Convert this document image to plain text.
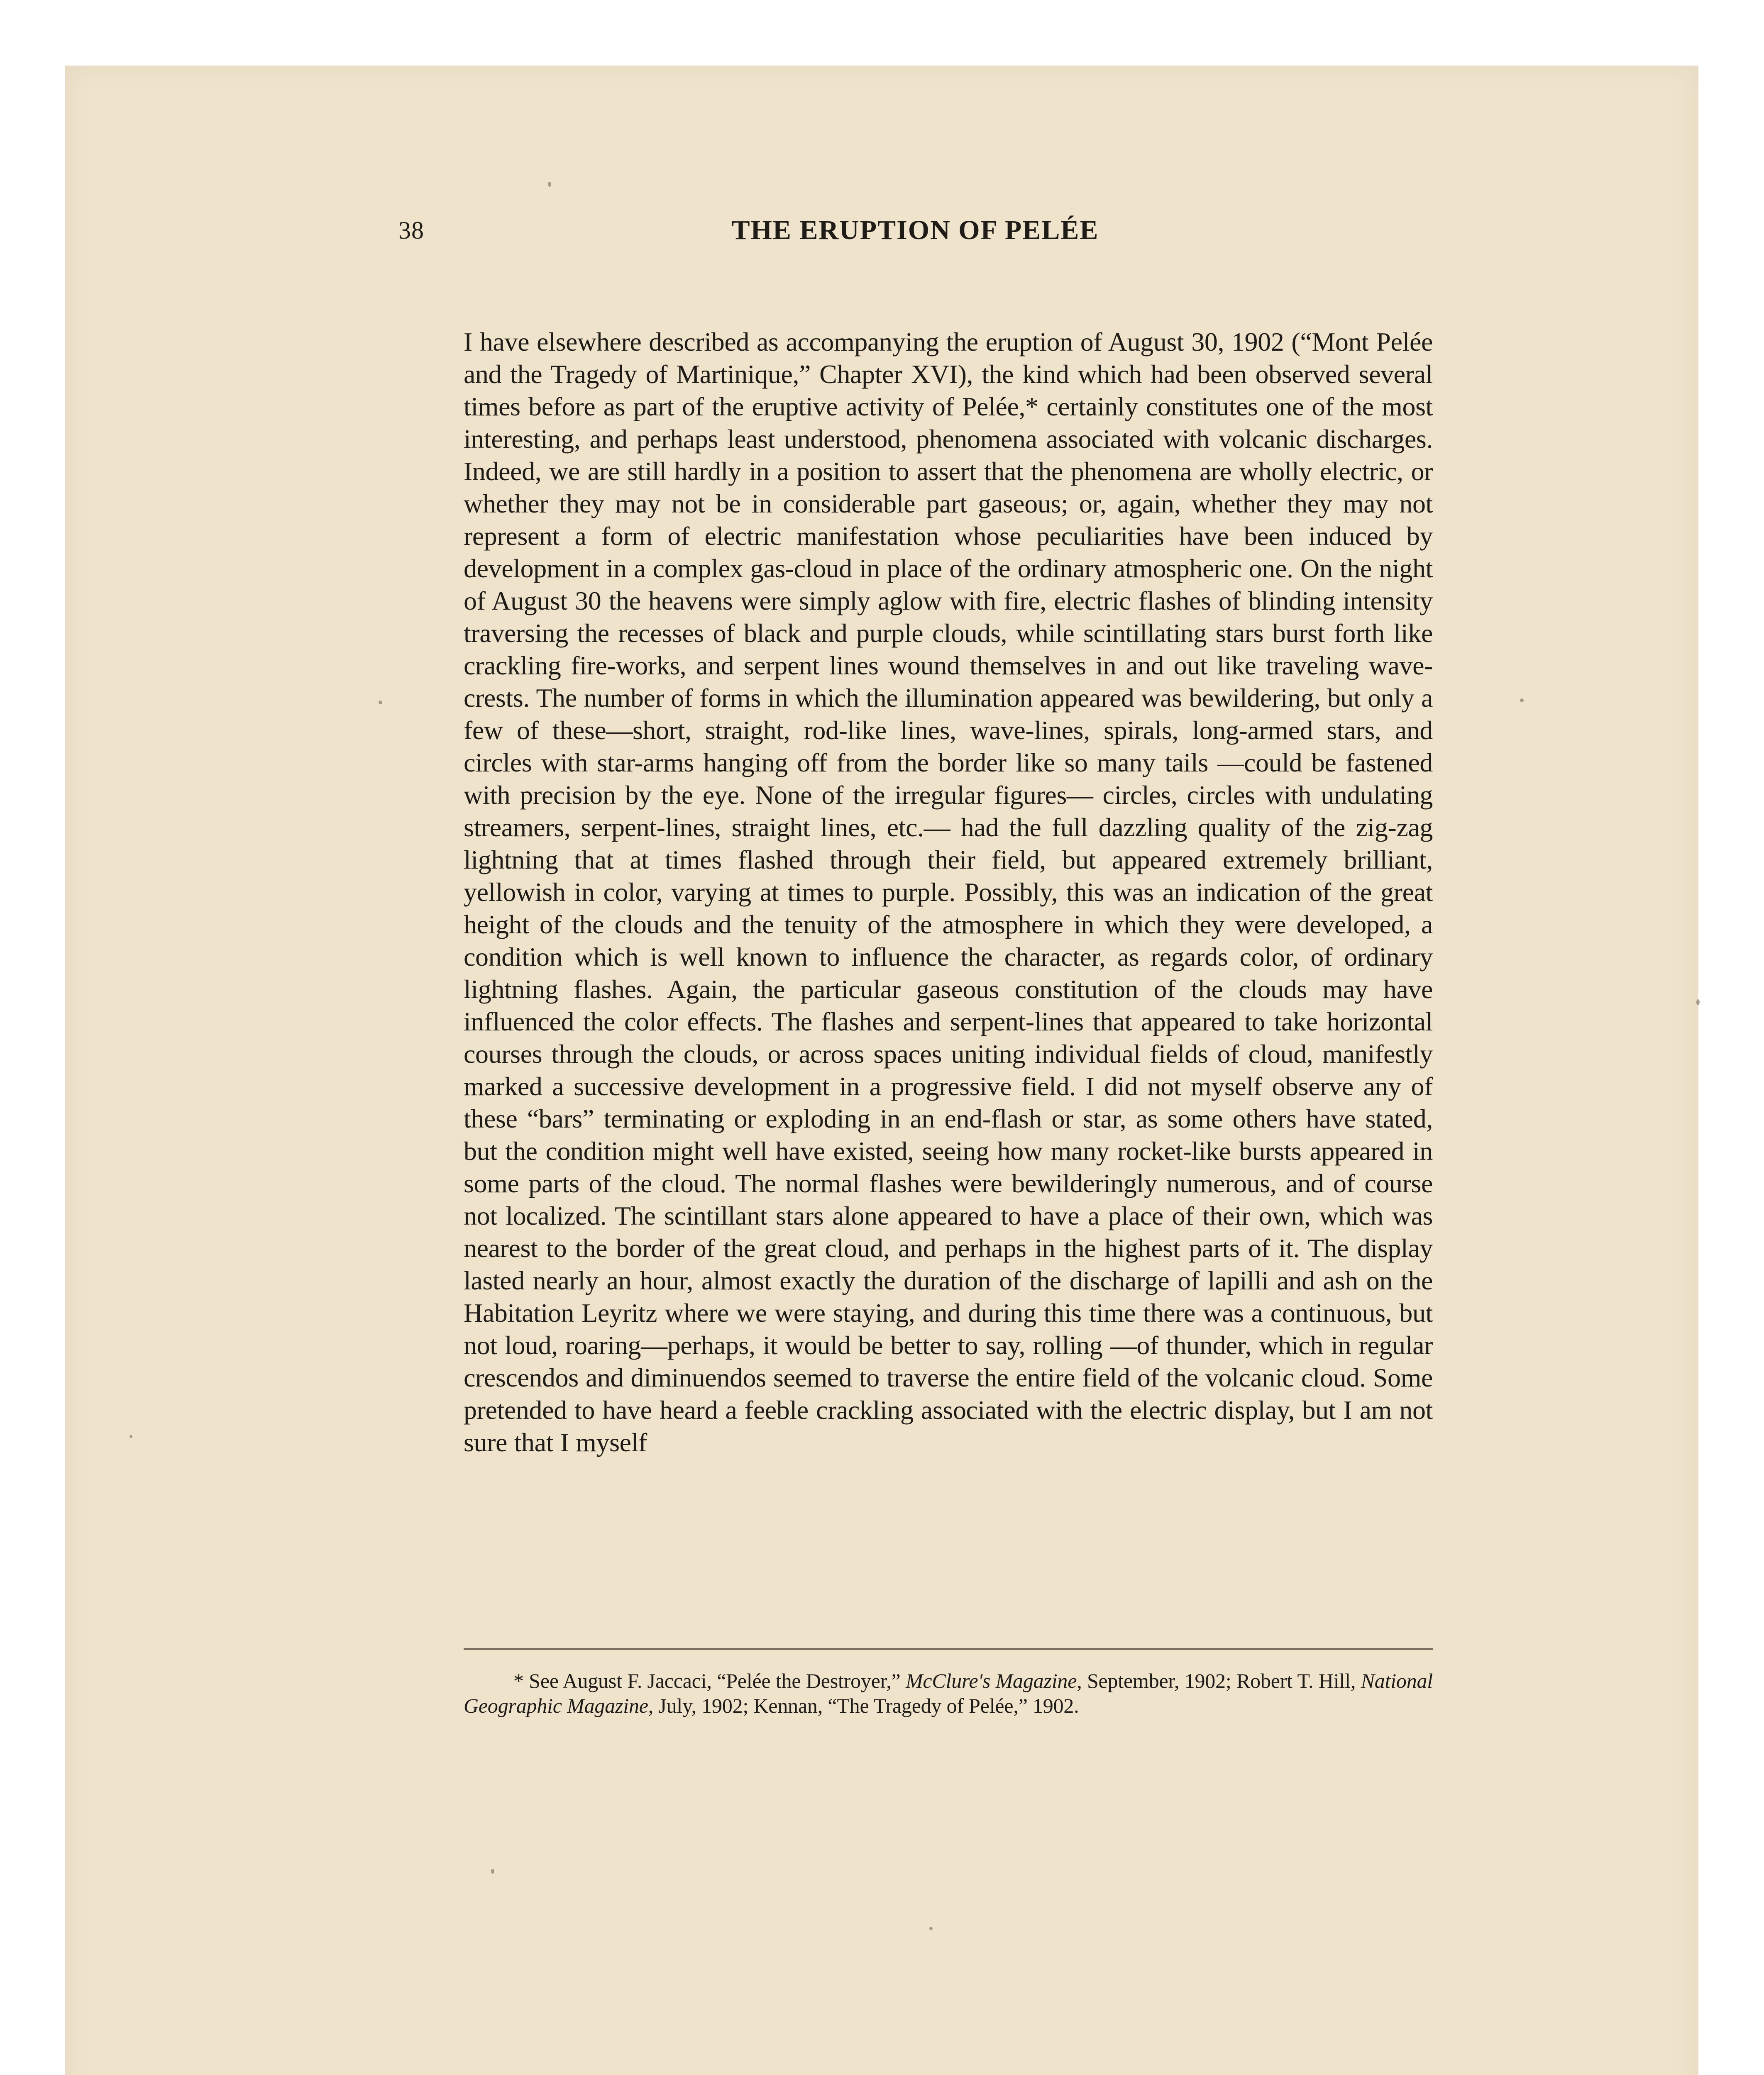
38	THE ERUPTION OF PELÉE

I have elsewhere described as accompanying the eruption of August 30, 1902 (“Mont Pelée and the Tragedy of Martinique,” Chapter XVI), the kind which had been observed several times before as part of the eruptive activity of Pelée,* certainly constitutes one of the most interesting, and perhaps least understood, phenomena associated with volcanic discharges. Indeed, we are still hardly in a position to assert that the phenomena are wholly electric, or whether they may not be in considerable part gaseous; or, again, whether they may not represent a form of electric manifestation whose peculiarities have been induced by development in a complex gas-cloud in place of the ordinary atmospheric one. On the night of August 30 the heavens were simply aglow with fire, electric flashes of blinding intensity traversing the recesses of black and purple clouds, while scintillating stars burst forth like crackling fire-works, and serpent lines wound themselves in and out like traveling wave-crests. The number of forms in which the illumination appeared was bewildering, but only a few of these—short, straight, rod-like lines, wave-lines, spirals, long-armed stars, and circles with star-arms hanging off from the border like so many tails —could be fastened with precision by the eye. None of the irregular figures— circles, circles with undulating streamers, serpent-lines, straight lines, etc.— had the full dazzling quality of the zig-zag lightning that at times flashed through their field, but appeared extremely brilliant, yellowish in color, varying at times to purple. Possibly, this was an indication of the great height of the clouds and the tenuity of the atmosphere in which they were developed, a condition which is well known to influence the character, as regards color, of ordinary lightning flashes. Again, the particular gaseous constitution of the clouds may have influenced the color effects. The flashes and serpent-lines that appeared to take horizontal courses through the clouds, or across spaces uniting individual fields of cloud, manifestly marked a successive development in a progressive field. I did not myself observe any of these “bars” terminating or exploding in an end-flash or star, as some others have stated, but the condition might well have existed, seeing how many rocket-like bursts appeared in some parts of the cloud. The normal flashes were bewilderingly numerous, and of course not localized. The scintillant stars alone appeared to have a place of their own, which was nearest to the border of the great cloud, and perhaps in the highest parts of it. The display lasted nearly an hour, almost exactly the duration of the discharge of lapilli and ash on the Habitation Leyritz where we were staying, and during this time there was a continuous, but not loud, roaring—perhaps, it would be better to say, rolling —of thunder, which in regular crescendos and diminuendos seemed to traverse the entire field of the volcanic cloud. Some pretended to have heard a feeble crackling associated with the electric display, but I am not sure that I myself

* See August F. Jaccaci, “Pelée the Destroyer,” McClure's Magazine, September, 1902; Robert T. Hill, National Geographic Magazine, July, 1902; Kennan, “The Tragedy of Pelée,” 1902.
